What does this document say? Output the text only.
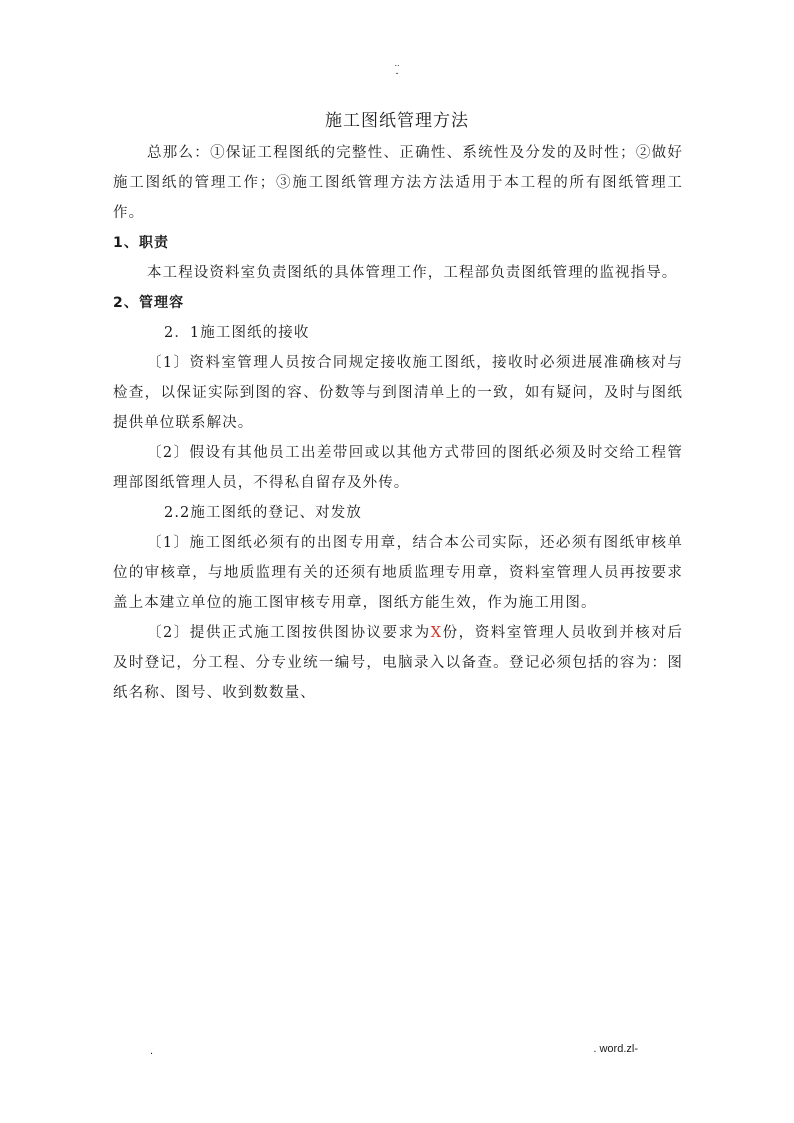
..
-
施工图纸管理方法

总那么：①保证工程图纸的完整性、正确性、系统性及分发的及时性；②做好施工图纸的管理工作；③施工图纸管理方法方法适用于本工程的所有图纸管理工作。

1、职责

本工程设资料室负责图纸的具体管理工作，工程部负责图纸管理的监视指导。

2、管理容

2．1施工图纸的接收

〔1〕资料室管理人员按合同规定接收施工图纸，接收时必须进展准确核对与检查，以保证实际到图的容、份数等与到图清单上的一致，如有疑问，及时与图纸提供单位联系解决。

〔2〕假设有其他员工出差带回或以其他方式带回的图纸必须及时交给工程管理部图纸管理人员，不得私自留存及外传。

2.2施工图纸的登记、对发放

〔1〕施工图纸必须有的出图专用章，结合本公司实际，还必须有图纸审核单位的审核章，与地质监理有关的还须有地质监理专用章，资料室管理人员再按要求盖上本建立单位的施工图审核专用章，图纸方能生效，作为施工用图。

〔2〕提供正式施工图按供图协议要求为X份，资料室管理人员收到并核对后及时登记，分工程、分专业统一编号，电脑录入以备查。登记必须包括的容为：图纸名称、图号、收到数数量、

.	. word.zl-
